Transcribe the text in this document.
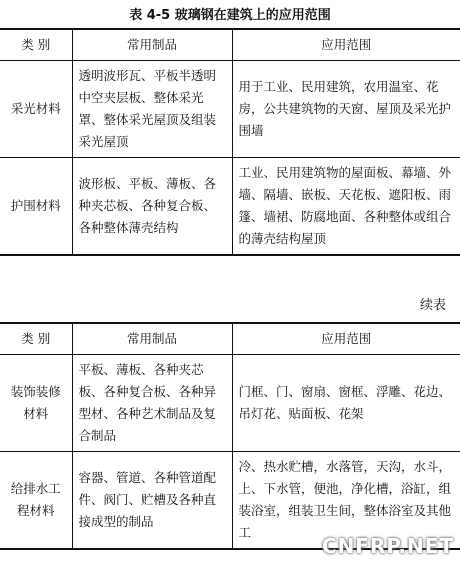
表 4-5 玻璃钢在建筑上的应用范围
类 别	常用制品	应用范围
采光材料	透明波形瓦、平板半透明中空夹层板、整体采光罩、整体采光屋顶及组装采光屋顶	用于工业、民用建筑，农用温室、花房，公共建筑物的天窗、屋顶及采光护围墙
护围材料	波形板、平板、薄板、各种夹芯板、各种复合板、各种整体薄壳结构	工业、民用建筑物的屋面板、幕墙、外墙、隔墙、嵌板、天花板、遮阳板、雨篷、墙裙、防腐地面、各种整体或组合的薄壳结构屋顶
续表
类 别	常用制品	应用范围
装饰装修材料	平板、薄板、各种夹芯板、各种复合板、各种异型材、各种艺术制品及复合制品	门框、门、窗扇、窗框、浮雕、花边、吊灯花、贴面板、花架
给排水工程材料	容器、管道、各种管道配件、阀门、贮槽及各种直接成型的制品	冷、热水贮槽，水落管，天沟，水斗，上、下水管，便池，净化槽，浴缸，组装浴室，组装卫生间，整体浴室及其他工
CNFRP.NET
